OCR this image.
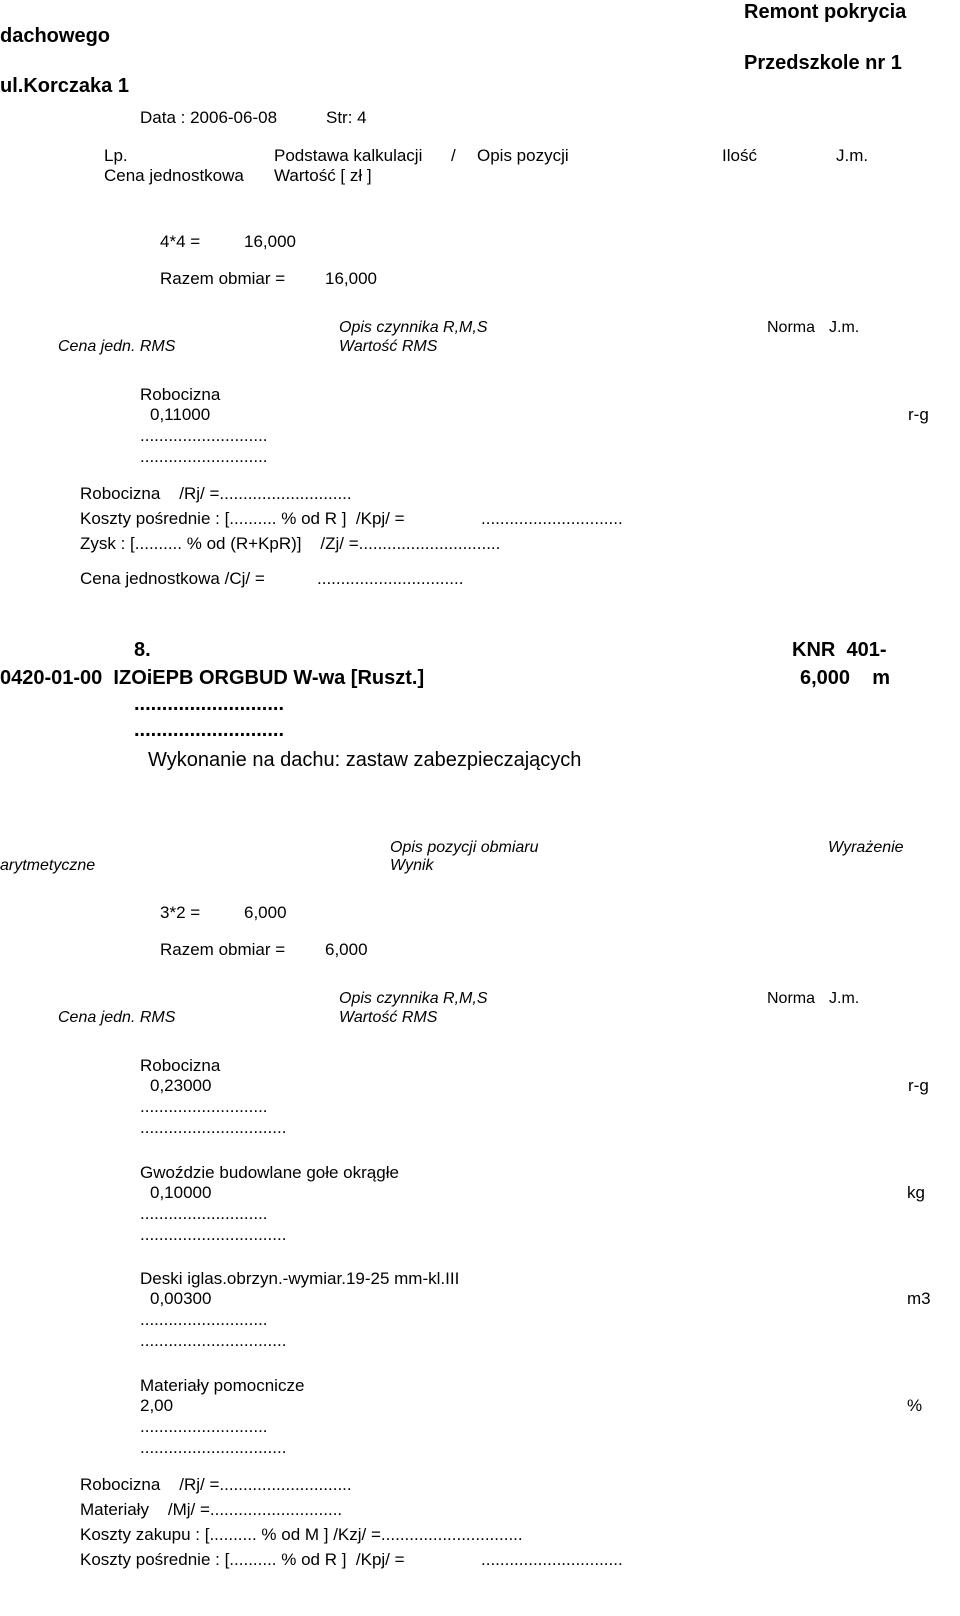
Remont pokrycia
dachowego
Przedszkole nr 1
ul.Korczaka 1
Data : 2006-06-08	Str: 4
Lp.	Podstawa kalkulacji / Opis pozycji	Ilość	J.m.
Cena jednostkowa Wartość [ zł ]
4*4 =	16,000
Razem obmiar = 16,000
Opis czynnika R,M,S	Norma J.m.
Cena jedn. RMS	Wartość RMS
Robocizna
0,11000	r-g
...........................
...........................
Robocizna    /Rj/ =............................
Koszty pośrednie : [.......... % od R ]  /Kpj/ =	..............................
Zysk : [.......... % od (R+KpR)]    /Zj/ =..............................
Cena jednostkowa /Cj/ =	...............................
8.	KNR  401-
0420-01-00  IZOiEPB ORGBUD W-wa [Ruszt.]	6,000    m
...........................
...........................
Wykonanie na dachu: zastaw zabezpieczających
Opis pozycji obmiaru	Wyrażenie
arytmetyczne	Wynik
3*2 =	6,000
Razem obmiar = 6,000
Opis czynnika R,M,S	Norma J.m.
Cena jedn. RMS	Wartość RMS
Robocizna
0,23000	r-g
...........................
...............................
Gwoździe budowlane gołe okrągłe
0,10000	kg
...........................
...............................
Deski iglas.obrzyn.-wymiar.19-25 mm-kl.III
0,00300	m3
...........................
...............................
Materiały pomocnicze
2,00	%
...........................
...............................
Robocizna    /Rj/ =............................
Materiały    /Mj/ =............................
Koszty zakupu : [.......... % od M ] /Kzj/ =..............................
Koszty pośrednie : [.......... % od R ]  /Kpj/ =	..............................
